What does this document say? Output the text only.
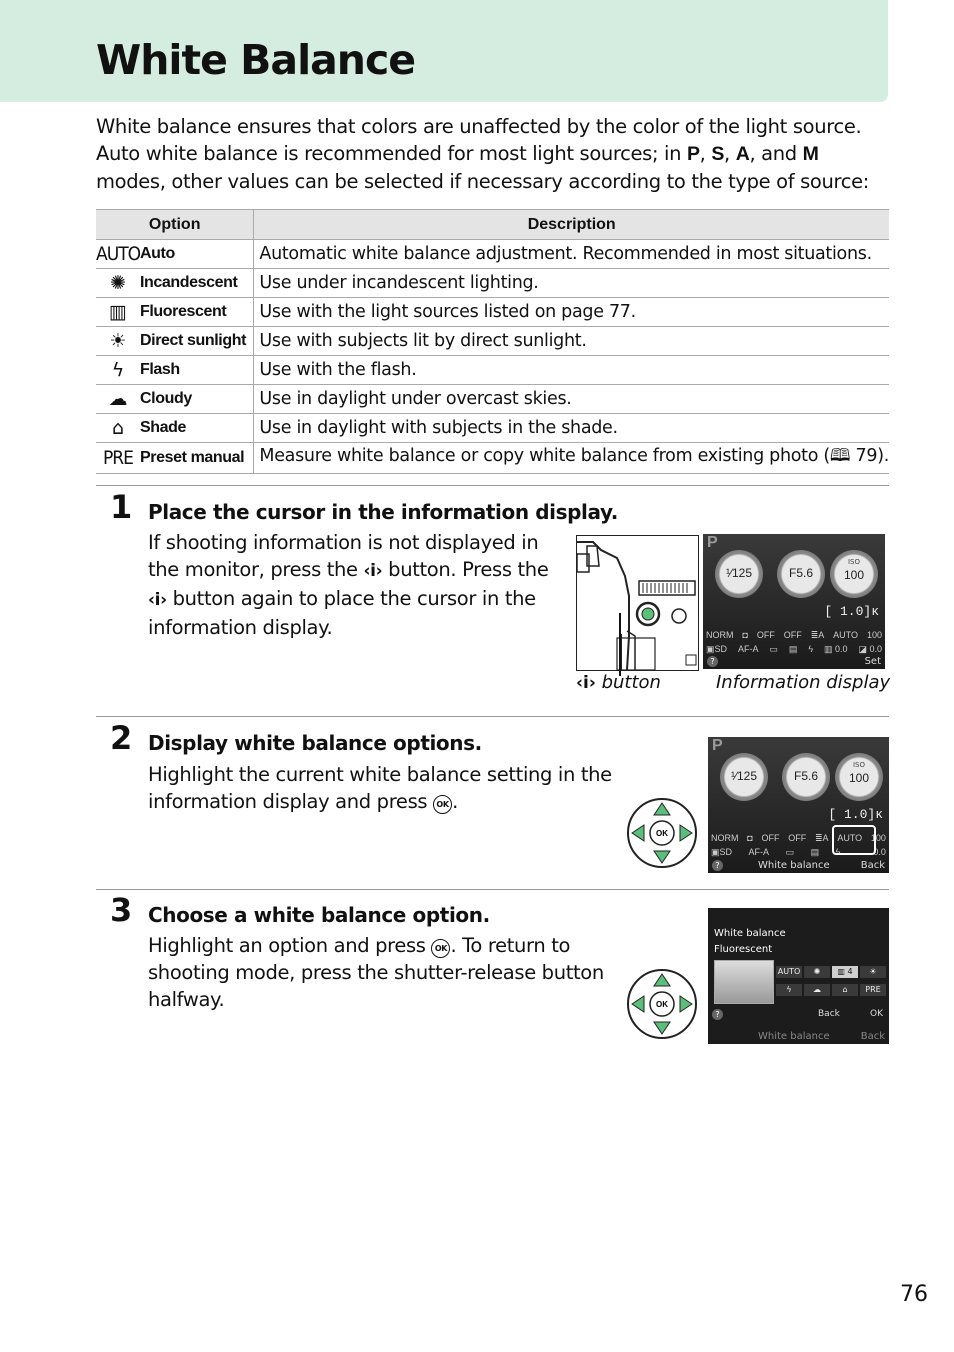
White Balance
White balance ensures that colors are unaffected by the color of the light source. Auto white balance is recommended for most light sources; in P, S, A, and M modes, other values can be selected if necessary according to the type of source:
Option	Description
AUTOAuto	Automatic white balance adjustment. Recommended in most situations.
✺ Incandescent	Use under incandescent lighting.
▥ Fluorescent	Use with the light sources listed on page 77.
☀ Direct sunlight	Use with subjects lit by direct sunlight.
ϟ Flash	Use with the flash.
☁ Cloudy	Use in daylight under overcast skies.
⌂ Shade	Use in daylight with subjects in the shade.
PRE Preset manual	Measure white balance or copy white balance from existing photo (🕮 79).
1 Place the cursor in the information display.
If shooting information is not displayed in the monitor, press the ‹i› button. Press the ‹i› button again to place the cursor in the information display.
P
¹⁄125	F5.6	100
ISO
[ 1.0]ᴋ
NORM ◘ OFF OFF ≣A AUTO 100
▣SD AF-A ▭ ▤ ϟ ▥ 0.0 ◪ 0.0
?	Set
‹i› button	Information display
2 Display white balance options.
Highlight the current white balance setting in the information display and press OK .
OK
P
¹⁄125	F5.6	100
ISO
[ 1.0]ᴋ
NORM ◘ OFF OFF ≣A AUTO 100
▣SD AF-A ▭ ▤ ϟ	0.0
?	White balance	Back
3 Choose a white balance option.
Highlight an option and press OK . To return to shooting mode, press the shutter-release button halfway.	OK
White balance
Fluorescent
AUTO	✺	▥ 4	☀
ϟ	☁	⌂	PRE
?	Back	OK
White balance	Back
76
